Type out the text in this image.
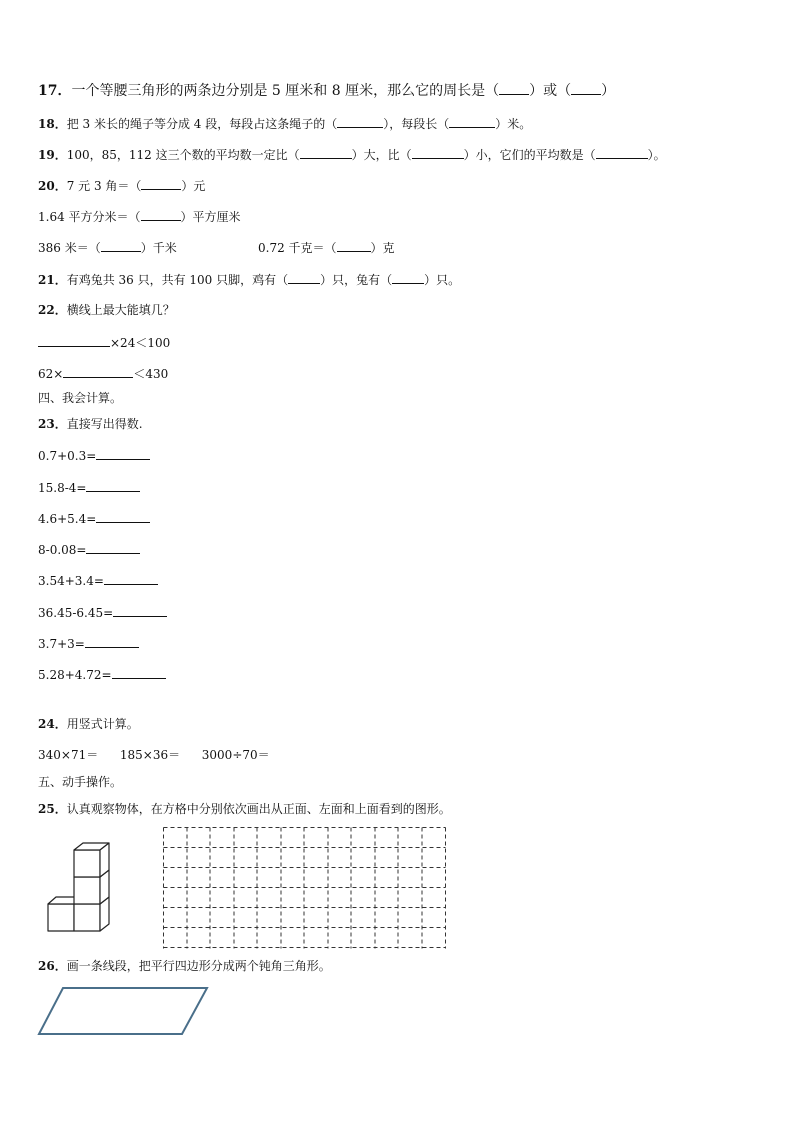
17．一个等腰三角形的两条边分别是 5 厘米和 8 厘米，那么它的周长是（ ）或（ ）
18．把 3 米长的绳子等分成 4 段，每段占这条绳子的（	），每段长（	）米。
19．100，85，112 这三个数的平均数一定比（	）大，比（	）小，它们的平均数是（	）。
20．7 元 3 角＝（	）元
1.64 平方分米＝（	）平方厘米
386 米＝（	）千米	0.72 千克＝（	）克
21．有鸡兔共 36 只，共有 100 只脚，鸡有（	）只，兔有（	）只。
22．横线上最大能填几？
×24＜100
62×	＜430
四、我会计算。
23．直接写出得数.
0.7+0.3=
15.8-4=
4.6+5.4=
8-0.08=
3.54+3.4=
36.45-6.45=
3.7+3=
5.28+4.72=
24．用竖式计算。
340×71＝ 185×36＝ 3000÷70＝
五、动手操作。
25．认真观察物体，在方格中分别依次画出从正面、左面和上面看到的图形。
26．画一条线段，把平行四边形分成两个钝角三角形。
